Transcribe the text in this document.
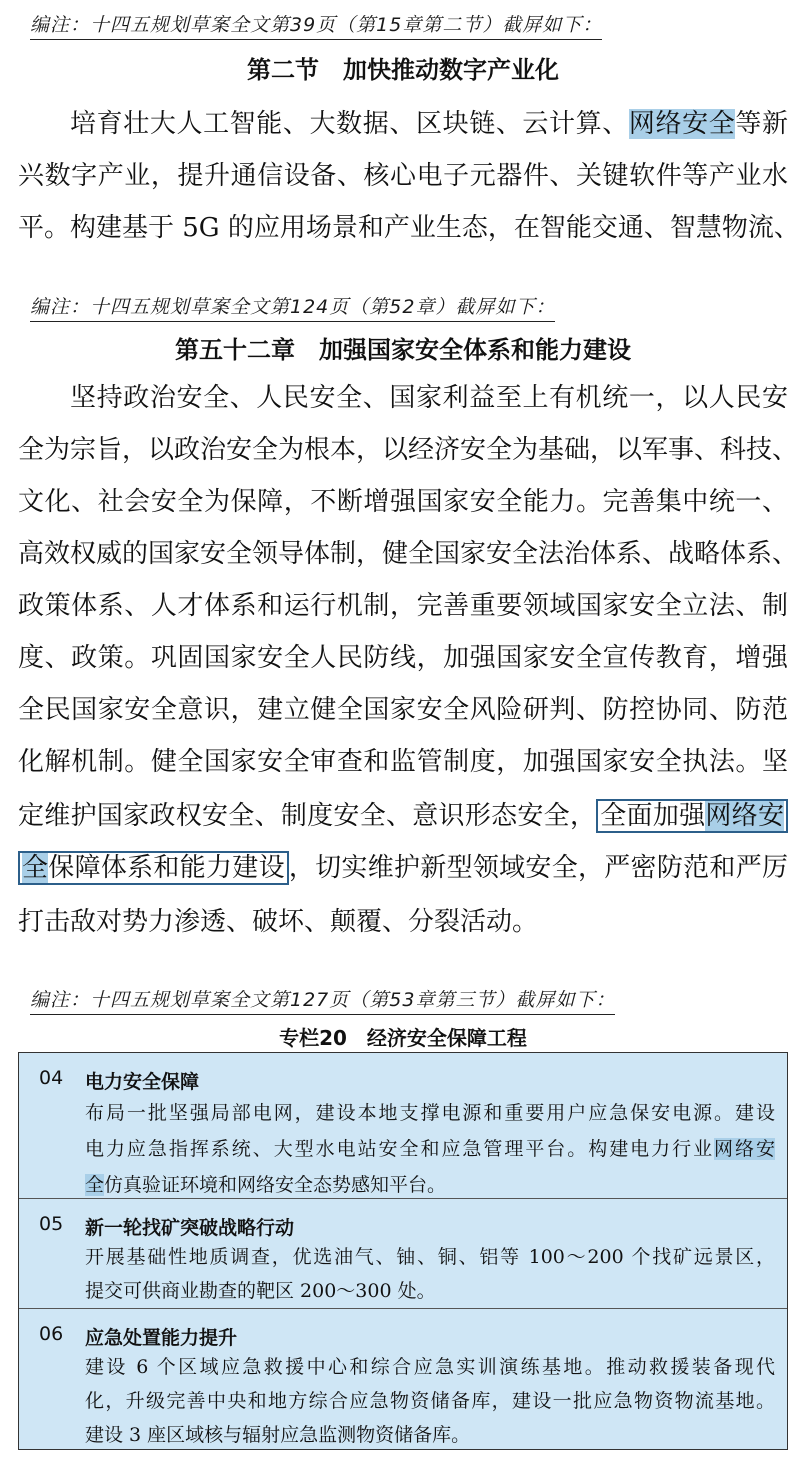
编注：十四五规划草案全文第39页（第15章第二节）截屏如下：
第二节　加快推动数字产业化
培育壮大人工智能、大数据、区块链、云计算、网络安全等新
兴数字产业，提升通信设备、核心电子元器件、关键软件等产业水
平。构建基于 5G 的应用场景和产业生态，在智能交通、智慧物流、
编注：十四五规划草案全文第124页（第52章）截屏如下：
第五十二章　加强国家安全体系和能力建设
坚持政治安全、人民安全、国家利益至上有机统一，以人民安
全为宗旨，以政治安全为根本，以经济安全为基础，以军事、科技、
文化、社会安全为保障，不断增强国家安全能力。完善集中统一、
高效权威的国家安全领导体制，健全国家安全法治体系、战略体系、
政策体系、人才体系和运行机制，完善重要领域国家安全立法、制
度、政策。巩固国家安全人民防线，加强国家安全宣传教育，增强
全民国家安全意识，建立健全国家安全风险研判、防控协同、防范
化解机制。健全国家安全审查和监管制度，加强国家安全执法。坚
定维护国家政权安全、制度安全、意识形态安全， 全面加强网络安
全保障体系和能力建设 ，切实维护新型领域安全，严密防范和严厉
打击敌对势力渗透、破坏、颠覆、分裂活动。
编注：十四五规划草案全文第127页（第53章第三节）截屏如下：
专栏20　经济安全保障工程
04 电力安全保障
布局一批坚强局部电网，建设本地支撑电源和重要用户应急保安电源。建设
电力应急指挥系统、大型水电站安全和应急管理平台。构建电力行业网络安
全仿真验证环境和网络安全态势感知平台。
05 新一轮找矿突破战略行动
开展基础性地质调查，优选油气、铀、铜、铝等 100～200 个找矿远景区，
提交可供商业勘查的靶区 200～300 处。
06 应急处置能力提升
建设 6 个区域应急救援中心和综合应急实训演练基地。推动救援装备现代
化，升级完善中央和地方综合应急物资储备库，建设一批应急物资物流基地。
建设 3 座区域核与辐射应急监测物资储备库。
